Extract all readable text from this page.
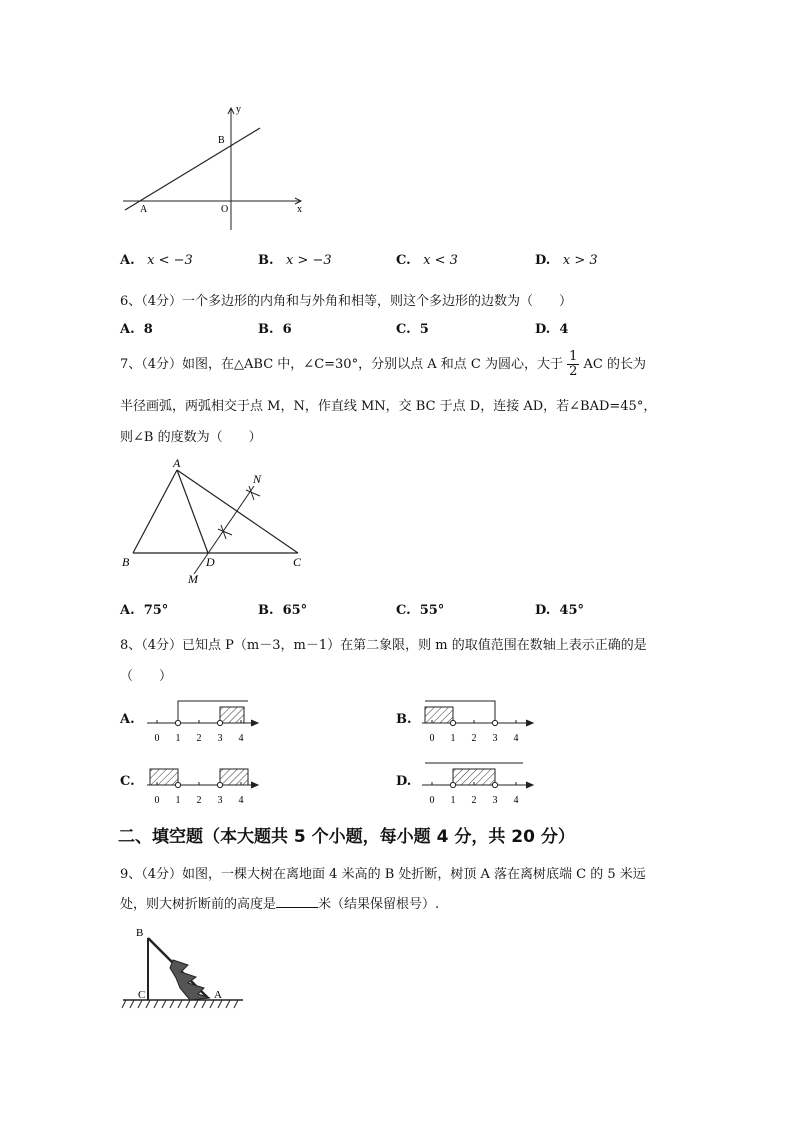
y
x
B
A	O
A. x < −3	B. x > −3	C. x < 3	D. x > 3
6、（4分）一个多边形的内角和与外角和相等，则这个多边形的边数为（　　）
A. 8	B. 6	C. 5	D. 4
7、（4分）如图，在△ABC 中，∠C=30°，分别以点 A 和点 C 为圆心，大于 $\frac{1}{2}$ AC 的长为
半径画弧，两弧相交于点 M，N，作直线 MN，交 BC 于点 D，连接 AD，若∠BAD=45°，
则∠B 的度数为（　　）
A
B	C
D
M
N
A. 75°	B. 65°	C. 55°	D. 45°
8、（4分）已知点 P（m－3，m－1）在第二象限，则 m 的取值范围在数轴上表示正确的是
（　　）
A.
0 1 2 3 4
B.
0 1 2 3 4
C.
0 1 2 3 4
D.
0 1 2 3 4
二、填空题（本大题共 5 个小题，每小题 4 分，共 20 分）
9、（4分）如图，一棵大树在离地面 4 米高的 B 处折断，树顶 A 落在离树底端 C 的 5 米远
处，则大树折断前的高度是	米（结果保留根号）.
B
C	A
